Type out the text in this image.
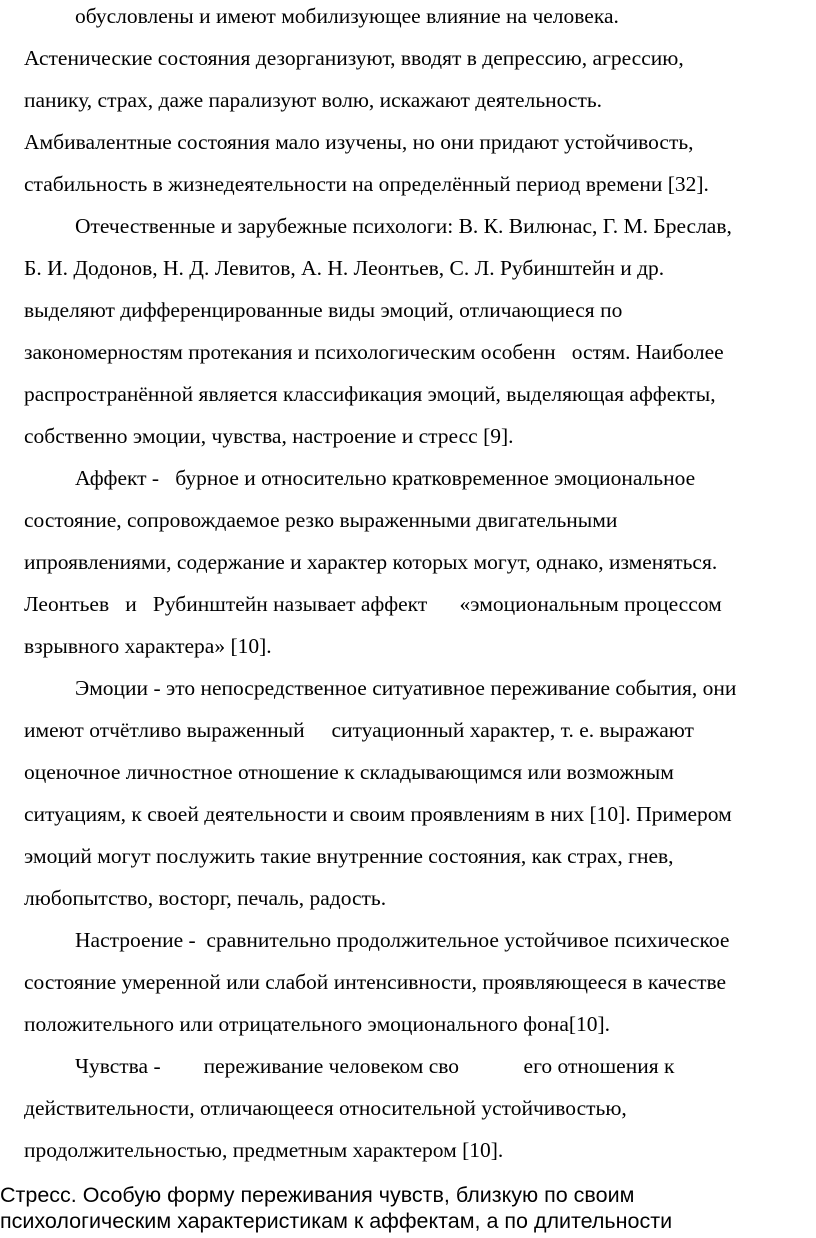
обусловлены и имеют мобилизующее влияние на человека.
Астенические состояния дезорганизуют, вводят в депрессию, агрессию,
панику, страх, даже парализуют волю, искажают деятельность.
Амбивалентные состояния мало изучены, но они придают устойчивость,
стабильность в жизнедеятельности на определённый период времени [32].
Отечественные и зарубежные психологи: В. К. Вилюнас, Г. М. Бреслав,
Б. И. Додонов, Н. Д. Левитов, А. Н. Леонтьев, С. Л. Рубинштейн и др.
выделяют дифференцированные виды эмоций, отличающиеся по
закономерностям протекания и психологическим особенн   остям. Наиболее
распространённой является классификация эмоций, выделяющая аффекты,
собственно эмоции, чувства, настроение и стресс [9].
Аффект -   бурное и относительно кратковременное эмоциональное
состояние, сопровождаемое резко выраженными двигательными
ипроявлениями, содержание и характер которых могут, однако, изменяться.
Леонтьев   и   Рубинштейн называет аффект      «эмоциональным процессом
взрывного характера» [10].
Эмоции - это непосредственное ситуативное переживание события, они
имеют отчётливо выраженный     ситуационный характер, т. е. выражают
оценочное личностное отношение к складывающимся или возможным
ситуациям, к своей деятельности и своим проявлениям в них [10]. Примером
эмоций могут послужить такие внутренние состояния, как страх, гнев,
любопытство, восторг, печаль, радость.
Настроение -  сравнительно продолжительное устойчивое психическое
состояние умеренной или слабой интенсивности, проявляющееся в качестве
положительного или отрицательного эмоционального фона[10].
Чувства -        переживание человеком сво            его отношения к
действительности, отличающееся относительной устойчивостью,
продолжительностью, предметным характером [10].
Стресс. Особую форму переживания чувств, близкую по своим
психологическим характеристикам к аффектам, а по длительности
